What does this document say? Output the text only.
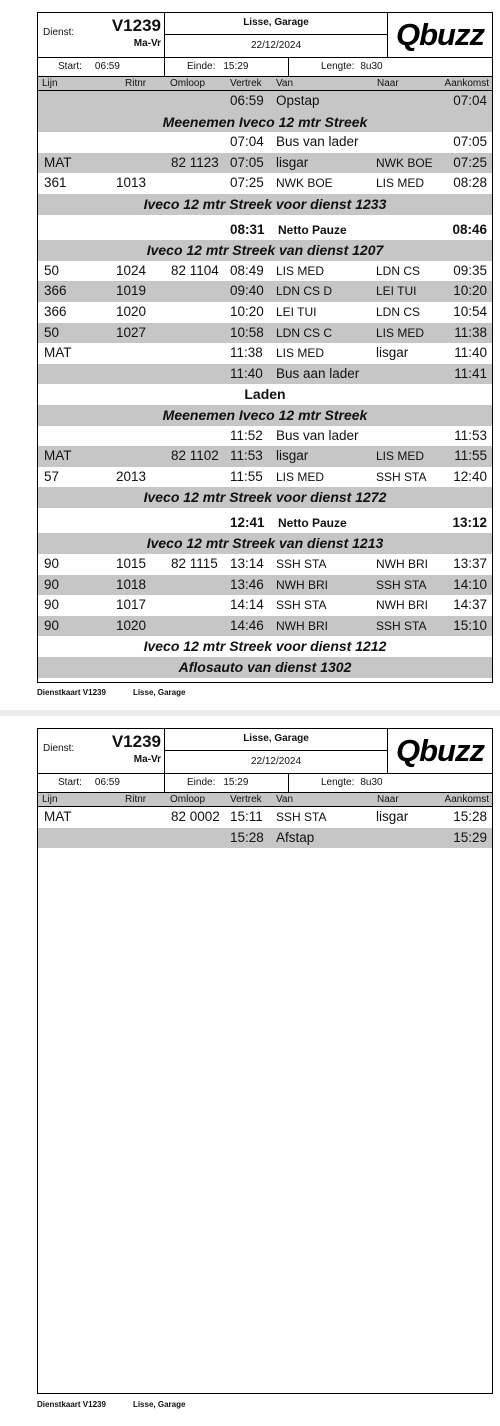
Dienst: V1239
Ma-Vr
Lisse, Garage
22/12/2024	Qbuzz
Start: 06:59	Einde: 15:29	Lengte: 8u30
Lijn	Ritnr Omloop Vertrek Van	Naar	Aankomst
06:59 Opstap	07:04
Meenemen Iveco 12 mtr Streek
07:04 Bus van lader	07:05
MAT	82 1123 07:05 lisgar	NWK BOE 07:25
361	1013	07:25 NWK BOE	LIS MED 08:28
Iveco 12 mtr Streek voor dienst 1233
08:31 Netto Pauze	08:46
Iveco 12 mtr Streek van dienst 1207
50	1024 82 1104 08:49 LIS MED	LDN CS 09:35
366	1019	09:40 LDN CS D	LEI TUI	10:20
366	1020	10:20 LEI TUI	LDN CS 10:54
50	1027	10:58 LDN CS C	LIS MED 11:38
MAT	11:38 LIS MED	lisgar	11:40
11:40 Bus aan lader	11:41
Laden
Meenemen Iveco 12 mtr Streek
11:52 Bus van lader	11:53
MAT	82 1102 11:53 lisgar	LIS MED 11:55
57	2013	11:55 LIS MED	SSH STA 12:40
Iveco 12 mtr Streek voor dienst 1272
12:41 Netto Pauze	13:12
Iveco 12 mtr Streek van dienst 1213
90	1015 82 1115 13:14 SSH STA	NWH BRI 13:37
90	1018	13:46 NWH BRI	SSH STA 14:10
90	1017	14:14 SSH STA	NWH BRI 14:37
90	1020	14:46 NWH BRI	SSH STA 15:10
Iveco 12 mtr Streek voor dienst 1212
Aflosauto van dienst 1302
Dienstkaart V1239	Lisse, Garage
Dienst: V1239
Ma-Vr
Lisse, Garage
22/12/2024	Qbuzz
Start: 06:59	Einde: 15:29	Lengte: 8u30
Lijn	Ritnr Omloop Vertrek Van	Naar	Aankomst
MAT	82 0002 15:11 SSH STA	lisgar	15:28
15:28 Afstap	15:29
Dienstkaart V1239	Lisse, Garage
